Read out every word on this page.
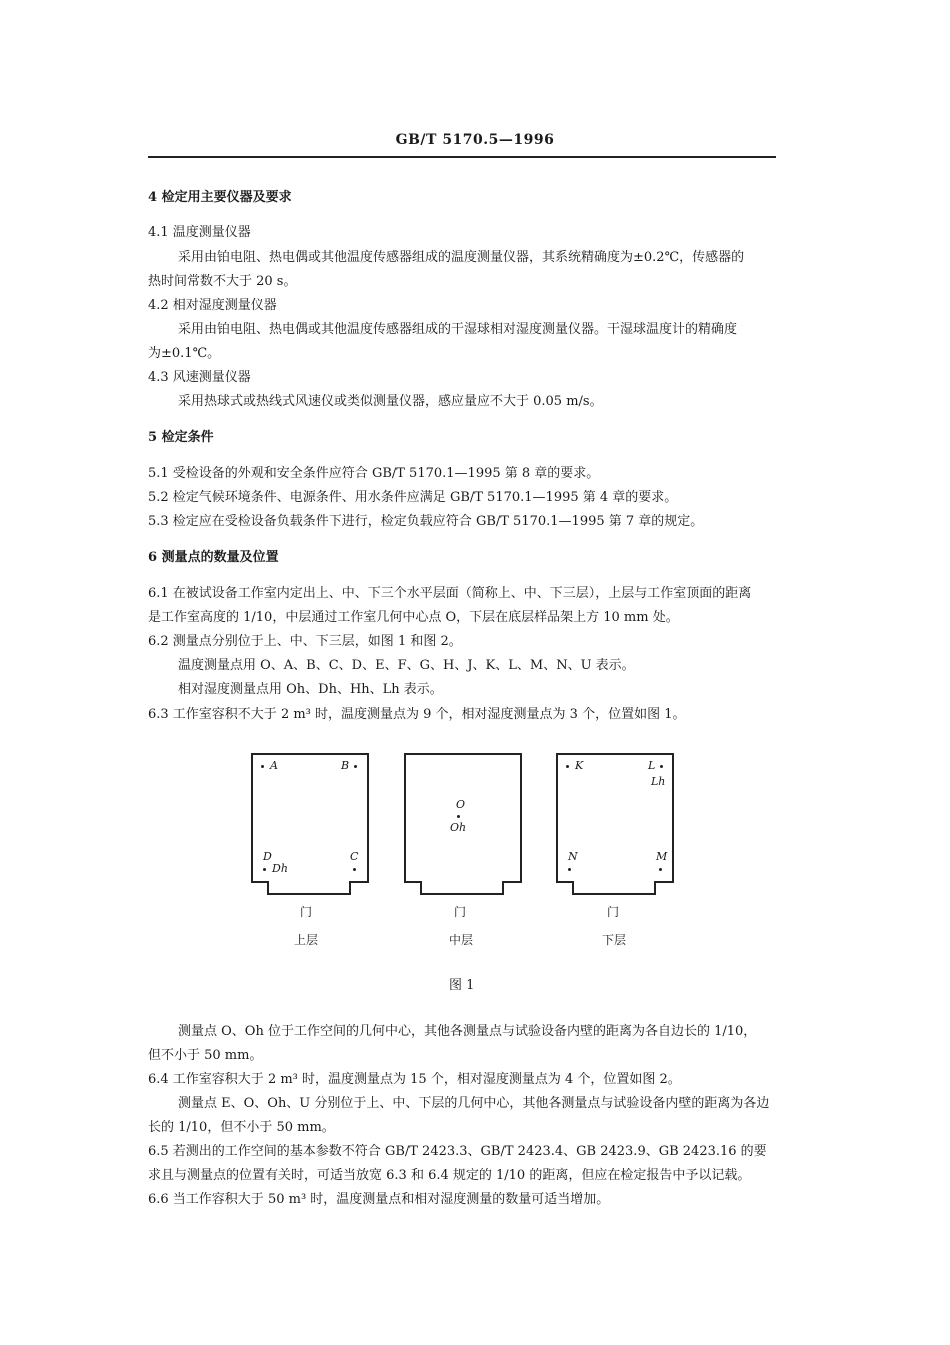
GB/T 5170.5—1996
4 检定用主要仪器及要求
4.1 温度测量仪器
采用由铂电阻、热电偶或其他温度传感器组成的温度测量仪器，其系统精确度为±0.2℃，传感器的
热时间常数不大于 20 s。
4.2 相对湿度测量仪器
采用由铂电阻、热电偶或其他温度传感器组成的干湿球相对湿度测量仪器。干湿球温度计的精确度
为±0.1℃。
4.3 风速测量仪器
采用热球式或热线式风速仪或类似测量仪器，感应量应不大于 0.05 m/s。
5 检定条件
5.1 受检设备的外观和安全条件应符合 GB/T 5170.1—1995 第 8 章的要求。
5.2 检定气候环境条件、电源条件、用水条件应满足 GB/T 5170.1—1995 第 4 章的要求。
5.3 检定应在受检设备负载条件下进行，检定负载应符合 GB/T 5170.1—1995 第 7 章的规定。
6 测量点的数量及位置
6.1 在被试设备工作室内定出上、中、下三个水平层面（简称上、中、下三层），上层与工作室顶面的距离
是工作室高度的 1/10，中层通过工作室几何中心点 O，下层在底层样品架上方 10 mm 处。
6.2 测量点分别位于上、中、下三层，如图 1 和图 2。
温度测量点用 O、A、B、C、D、E、F、G、H、J、K、L、M、N、U 表示。
相对湿度测量点用 Oh、Dh、Hh、Lh 表示。
6.3 工作室容积不大于 2 m³ 时，温度测量点为 9 个，相对湿度测量点为 3 个，位置如图 1。
A	B
D
Dh
C
门
上层
O
Oh
门
中层
K	L
Lh
N	M
门
下层
图 1
测量点 O、Oh 位于工作空间的几何中心，其他各测量点与试验设备内壁的距离为各自边长的 1/10，
但不小于 50 mm。
6.4 工作室容积大于 2 m³ 时，温度测量点为 15 个，相对湿度测量点为 4 个，位置如图 2。
测量点 E、O、Oh、U 分别位于上、中、下层的几何中心，其他各测量点与试验设备内壁的距离为各边
长的 1/10，但不小于 50 mm。
6.5 若测出的工作空间的基本参数不符合 GB/T 2423.3、GB/T 2423.4、GB 2423.9、GB 2423.16 的要
求且与测量点的位置有关时，可适当放宽 6.3 和 6.4 规定的 1/10 的距离，但应在检定报告中予以记载。
6.6 当工作容积大于 50 m³ 时，温度测量点和相对湿度测量的数量可适当增加。
